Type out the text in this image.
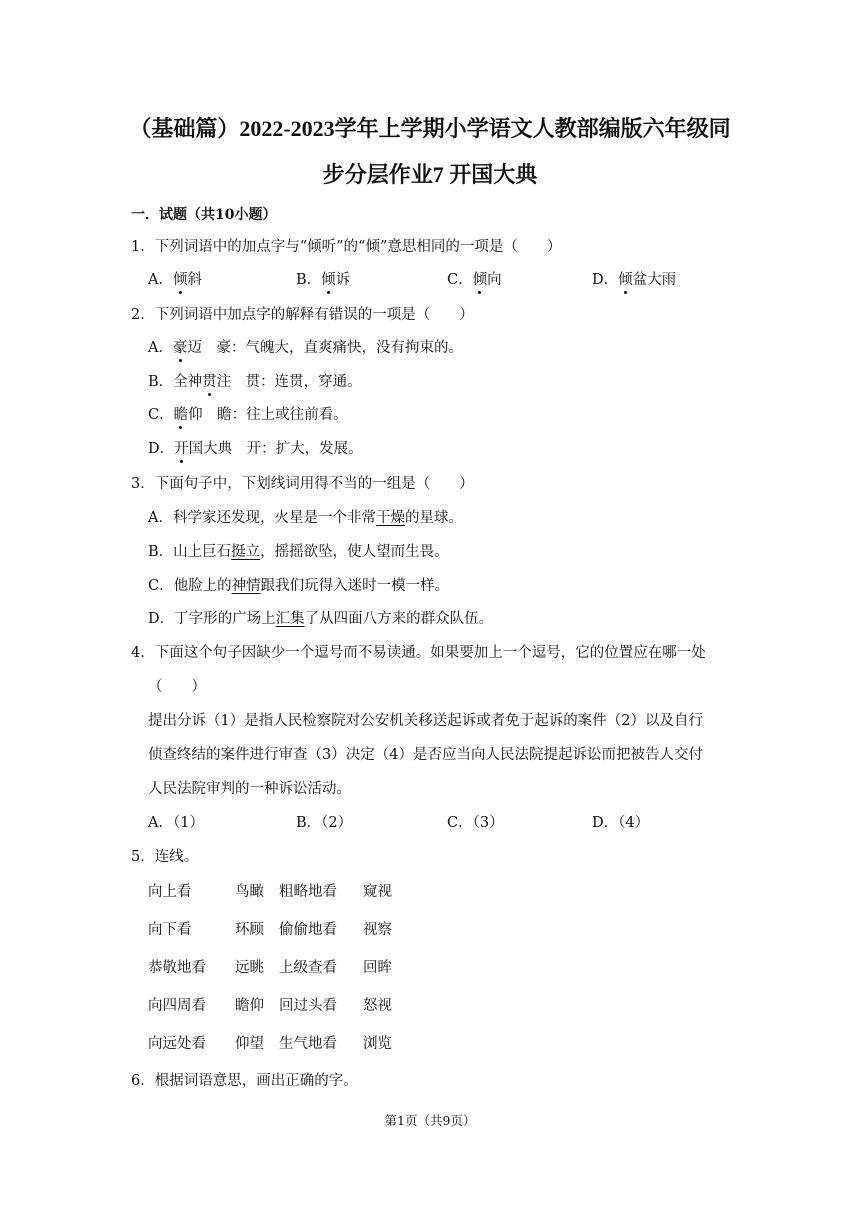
（基础篇）2022-2023学年上学期小学语文人教部编版六年级同
步分层作业7 开国大典
一．试题（共10小题）
1．下列词语中的加点字与“倾听”的“倾”意思相同的一项是（　　）
A．倾斜	B．倾诉	C．倾向	D．倾盆大雨
2．下列词语中加点字的解释有错误的一项是（　　）
A．豪迈　豪：气魄大，直爽痛快，没有拘束的。
B．全神贯注　贯：连贯，穿通。
C．瞻仰　瞻：往上或往前看。
D．开国大典　开：扩大，发展。
3．下面句子中，下划线词用得不当的一组是（　　）
A．科学家还发现，火星是一个非常干燥的星球。
B．山上巨石挺立，摇摇欲坠，使人望而生畏。
C．他脸上的神情跟我们玩得入迷时一模一样。
D．丁字形的广场上汇集了从四面八方来的群众队伍。
4．下面这个句子因缺少一个逗号而不易读通。如果要加上一个逗号，它的位置应在哪一处
（　　）
提出分诉（1）是指人民检察院对公安机关移送起诉或者免于起诉的案件（2）以及自行
侦查终结的案件进行审查（3）决定（4）是否应当向人民法院提起诉讼而把被告人交付
人民法院审判的一种诉讼活动。
A．（1）	B．（2）	C．（3）	D．（4）
5．连线。
向上看	鸟瞰 粗略地看 窥视
向下看	环顾 偷偷地看 视察
恭敬地看 远眺 上级查看 回眸
向四周看 瞻仰 回过头看 怒视
向远处看 仰望 生气地看 浏览
6．根据词语意思，画出正确的字。
第1页（共9页）
